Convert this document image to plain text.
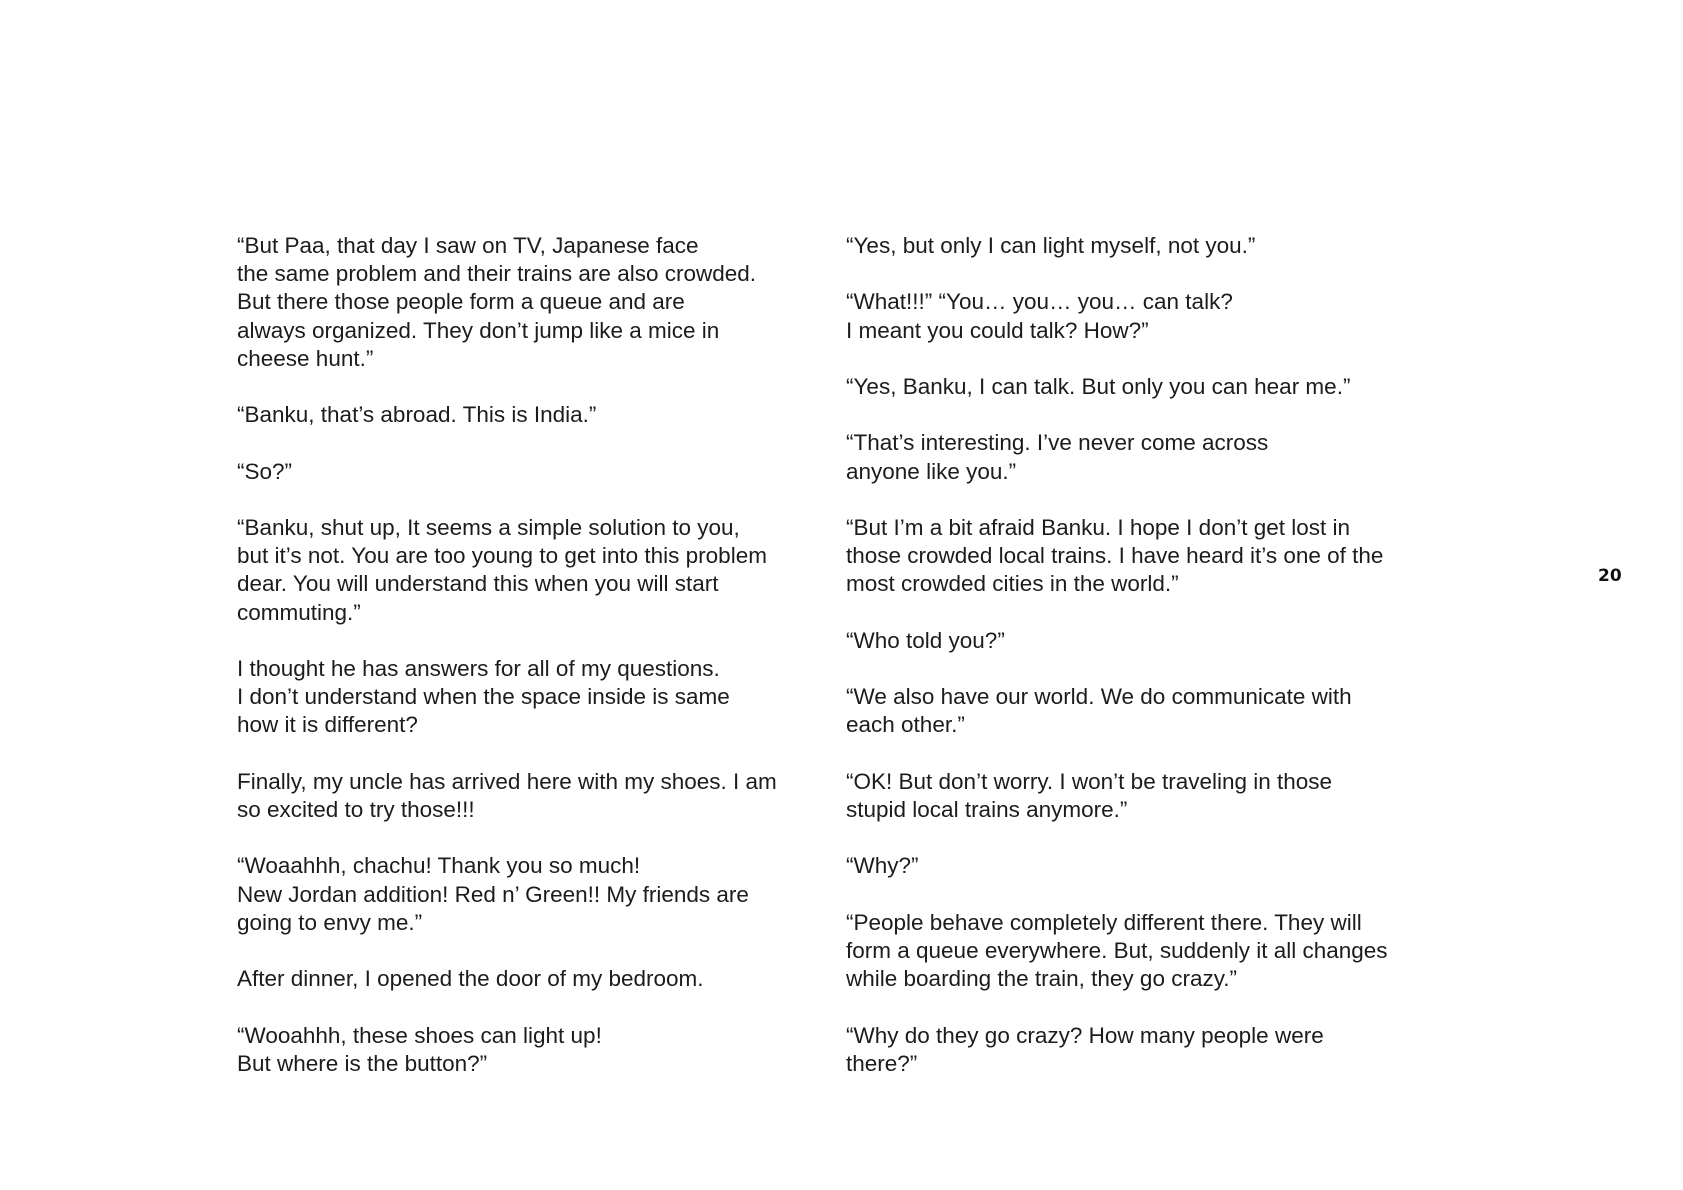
“But Paa, that day I saw on TV, Japanese face
the same problem and their trains are also crowded.
But there those people form a queue and are
always organized. They don’t jump like a mice in
cheese hunt.”

“Banku, that’s abroad. This is India.”

“So?”

“Banku, shut up, It seems a simple solution to you,
but it’s not. You are too young to get into this problem
dear. You will understand this when you will start
commuting.”

I thought he has answers for all of my questions.
I don’t understand when the space inside is same
how it is different?

Finally, my uncle has arrived here with my shoes. I am
so excited to try those!!!

“Woaahhh, chachu! Thank you so much!
New Jordan addition! Red n’ Green!! My friends are
going to envy me.”

After dinner, I opened the door of my bedroom.

“Wooahhh, these shoes can light up!
But where is the button?”

“Yes, but only I can light myself, not you.”

“What!!!” “You… you… you… can talk?
I meant you could talk? How?”

“Yes, Banku, I can talk. But only you can hear me.”

“That’s interesting. I’ve never come across
anyone like you.”

“But I’m a bit afraid Banku. I hope I don’t get lost in
those crowded local trains. I have heard it’s one of the
most crowded cities in the world.”

“Who told you?”

“We also have our world. We do communicate with
each other.”

“OK! But don’t worry. I won’t be traveling in those
stupid local trains anymore.”

“Why?”

“People behave completely different there. They will
form a queue everywhere. But, suddenly it all changes
while boarding the train, they go crazy.”

“Why do they go crazy? How many people were
there?”

20
